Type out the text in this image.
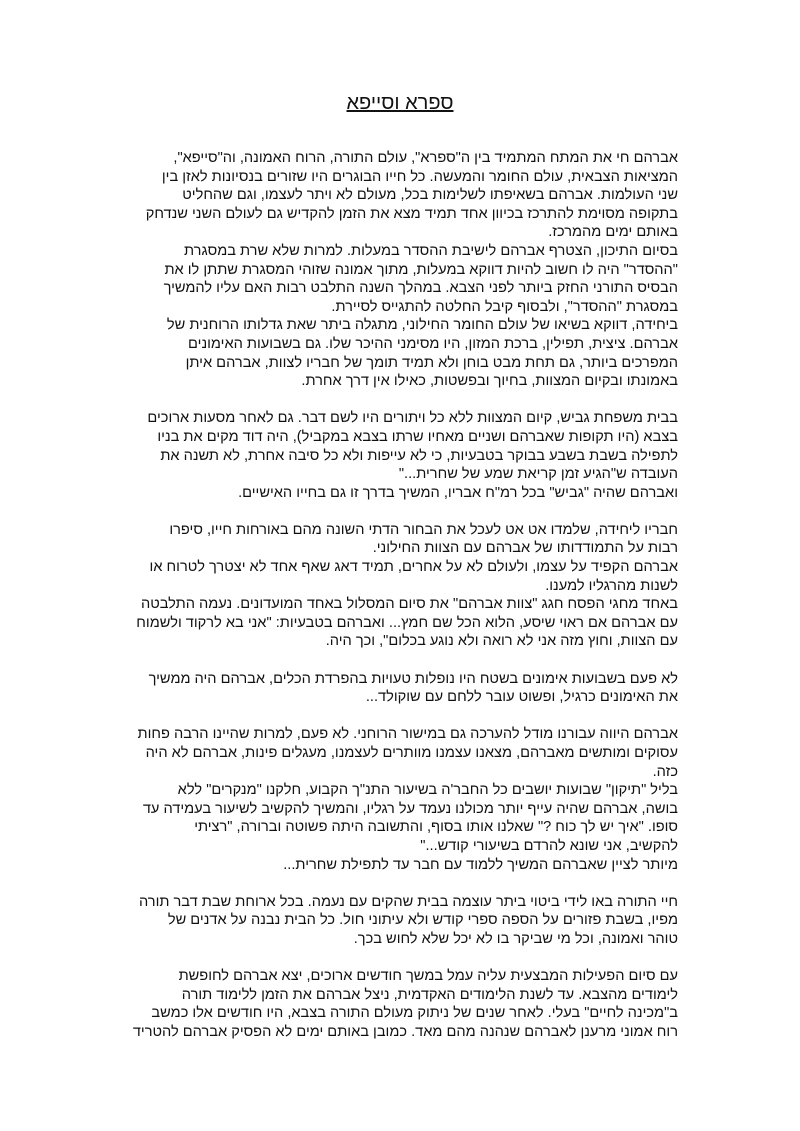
ספרא וסייפא
אברהם חי את המתח המתמיד בין ה"ספרא", עולם התורה, הרוח האמונה, וה"סייפא",
המציאות הצבאית, עולם החומר והמעשה. כל חייו הבוגרים היו שזורים בנסיונות לאזן בין
שני העולמות. אברהם בשאיפתו לשלימות בכל, מעולם לא ויתר לעצמו, וגם שהחליט
בתקופה מסוימת להתרכז בכיוון אחד תמיד מצא את הזמן להקדיש גם לעולם השני שנדחק
באותם ימים מהמרכז.
בסיום התיכון, הצטרף אברהם לישיבת ההסדר במעלות. למרות שלא שרת במסגרת
"ההסדר" היה לו חשוב להיות דווקא במעלות, מתוך אמונה שזוהי המסגרת שתתן לו את
הבסיס התורני החזק ביותר לפני הצבא. במהלך השנה התלבט רבות האם עליו להמשיך
במסגרת "ההסדר", ולבסוף קיבל החלטה להתגייס לסיירת.
ביחידה, דווקא בשיאו של עולם החומר החילוני, מתגלה ביתר שאת גדלותו הרוחנית של
אברהם. ציצית, תפילין, ברכת המזון, היו מסימני ההיכר שלו. גם בשבועות האימונים
המפרכים ביותר, גם תחת מבט בוחן ולא תמיד תומך של חבריו לצוות, אברהם איתן
באמונתו ובקיום המצוות, בחיוך ובפשטות, כאילו אין דרך אחרת.
בבית משפחת גביש, קיום המצוות ללא כל ויתורים היו לשם דבר. גם לאחר מסעות ארוכים
בצבא (היו תקופות שאברהם ושניים מאחיו שרתו בצבא במקביל), היה דוד מקים את בניו
לתפילה בשבת בשבע בבוקר בטבעיות, כי לא עייפות ולא כל סיבה אחרת, לא תשנה את
העובדה ש"הגיע זמן קריאת שמע של שחרית..."
ואברהם שהיה "גביש" בכל רמ"ח אבריו, המשיך בדרך זו גם בחייו האישיים.
חבריו ליחידה, שלמדו אט אט לעכל את הבחור הדתי השונה מהם באורחות חייו, סיפרו
רבות על התמודדותו של אברהם עם הצוות החילוני.
אברהם הקפיד על עצמו, ולעולם לא על אחרים, תמיד דאג שאף אחד לא יצטרך לטרוח או
לשנות מהרגליו למענו.
באחד מחגי הפסח חגג "צוות אברהם" את סיום המסלול באחד המועדונים. נעמה התלבטה
עם אברהם אם ראוי שיסע, הלוא הכל שם חמץ... ואברהם בטבעיות: "אני בא לרקוד ולשמוח
עם הצוות, וחוץ מזה אני לא רואה ולא נוגע בכלום", וכך היה.
לא פעם בשבועות אימונים בשטח היו נופלות טעויות בהפרדת הכלים, אברהם היה ממשיך
את האימונים כרגיל, ופשוט עובר ללחם עם שוקולד...
אברהם היווה עבורנו מודל להערכה גם במישור הרוחני. לא פעם, למרות שהיינו הרבה פחות
עסוקים ומותשים מאברהם, מצאנו עצמנו מוותרים לעצמנו, מעגלים פינות, אברהם לא היה
כזה.
בליל "תיקון" שבועות יושבים כל החבר'ה בשיעור התנ"ך הקבוע, חלקנו "מנקרים" ללא
בושה, אברהם שהיה עייף יותר מכולנו נעמד על רגליו, והמשיך להקשיב לשיעור בעמידה עד
סופו. "איך יש לך כוח ?" שאלנו אותו בסוף, והתשובה היתה פשוטה וברורה, "רציתי
להקשיב, אני שונא להרדם בשיעורי קודש..."
מיותר לציין שאברהם המשיך ללמוד עם חבר עד לתפילת שחרית...
חיי התורה באו לידי ביטוי ביתר עוצמה בבית שהקים עם נעמה. בכל ארוחת שבת דבר תורה
מפיו, בשבת פזורים על הספה ספרי קודש ולא עיתוני חול. כל הבית נבנה על אדנים של
טוהר ואמונה, וכל מי שביקר בו לא יכל שלא לחוש בכך.
עם סיום הפעילות המבצעית עליה עמל במשך חודשים ארוכים, יצא אברהם לחופשת
לימודים מהצבא. עד לשנת הלימודים האקדמית, ניצל אברהם את הזמן ללימוד תורה
ב"מכינה לחיים" בעלי. לאחר שנים של ניתוק מעולם התורה בצבא, היו חודשים אלו כמשב
רוח אמוני מרענן לאברהם שנהנה מהם מאד. כמובן באותם ימים לא הפסיק אברהם להטריד
